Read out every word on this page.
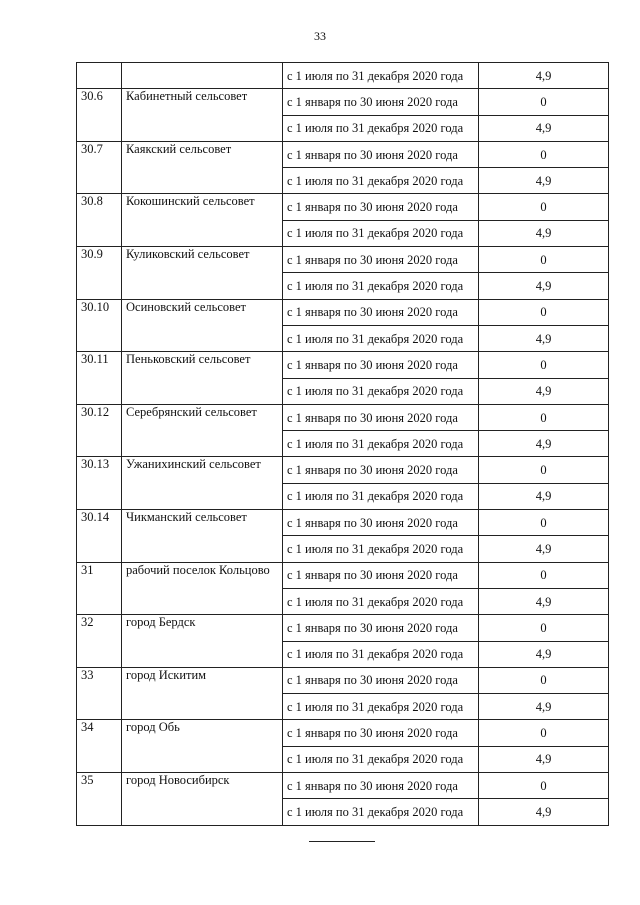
33
		с 1 июля по 31 декабря 2020 года	4,9
30.6	Кабинетный сельсовет	с 1 января по 30 июня 2020 года	0
		с 1 июля по 31 декабря 2020 года	4,9
30.7	Каякский сельсовет	с 1 января по 30 июня 2020 года	0
		с 1 июля по 31 декабря 2020 года	4,9
30.8	Кокошинский сельсовет	с 1 января по 30 июня 2020 года	0
		с 1 июля по 31 декабря 2020 года	4,9
30.9	Куликовский сельсовет	с 1 января по 30 июня 2020 года	0
		с 1 июля по 31 декабря 2020 года	4,9
30.10	Осиновский сельсовет	с 1 января по 30 июня 2020 года	0
		с 1 июля по 31 декабря 2020 года	4,9
30.11	Пеньковский сельсовет	с 1 января по 30 июня 2020 года	0
		с 1 июля по 31 декабря 2020 года	4,9
30.12	Серебрянский сельсовет	с 1 января по 30 июня 2020 года	0
		с 1 июля по 31 декабря 2020 года	4,9
30.13	Ужанихинский сельсовет	с 1 января по 30 июня 2020 года	0
		с 1 июля по 31 декабря 2020 года	4,9
30.14	Чикманский сельсовет	с 1 января по 30 июня 2020 года	0
		с 1 июля по 31 декабря 2020 года	4,9
31	рабочий поселок Кольцово	с 1 января по 30 июня 2020 года	0
		с 1 июля по 31 декабря 2020 года	4,9
32	город Бердск	с 1 января по 30 июня 2020 года	0
		с 1 июля по 31 декабря 2020 года	4,9
33	город Искитим	с 1 января по 30 июня 2020 года	0
		с 1 июля по 31 декабря 2020 года	4,9
34	город Обь	с 1 января по 30 июня 2020 года	0
		с 1 июля по 31 декабря 2020 года	4,9
35	город Новосибирск	с 1 января по 30 июня 2020 года	0
		с 1 июля по 31 декабря 2020 года	4,9
